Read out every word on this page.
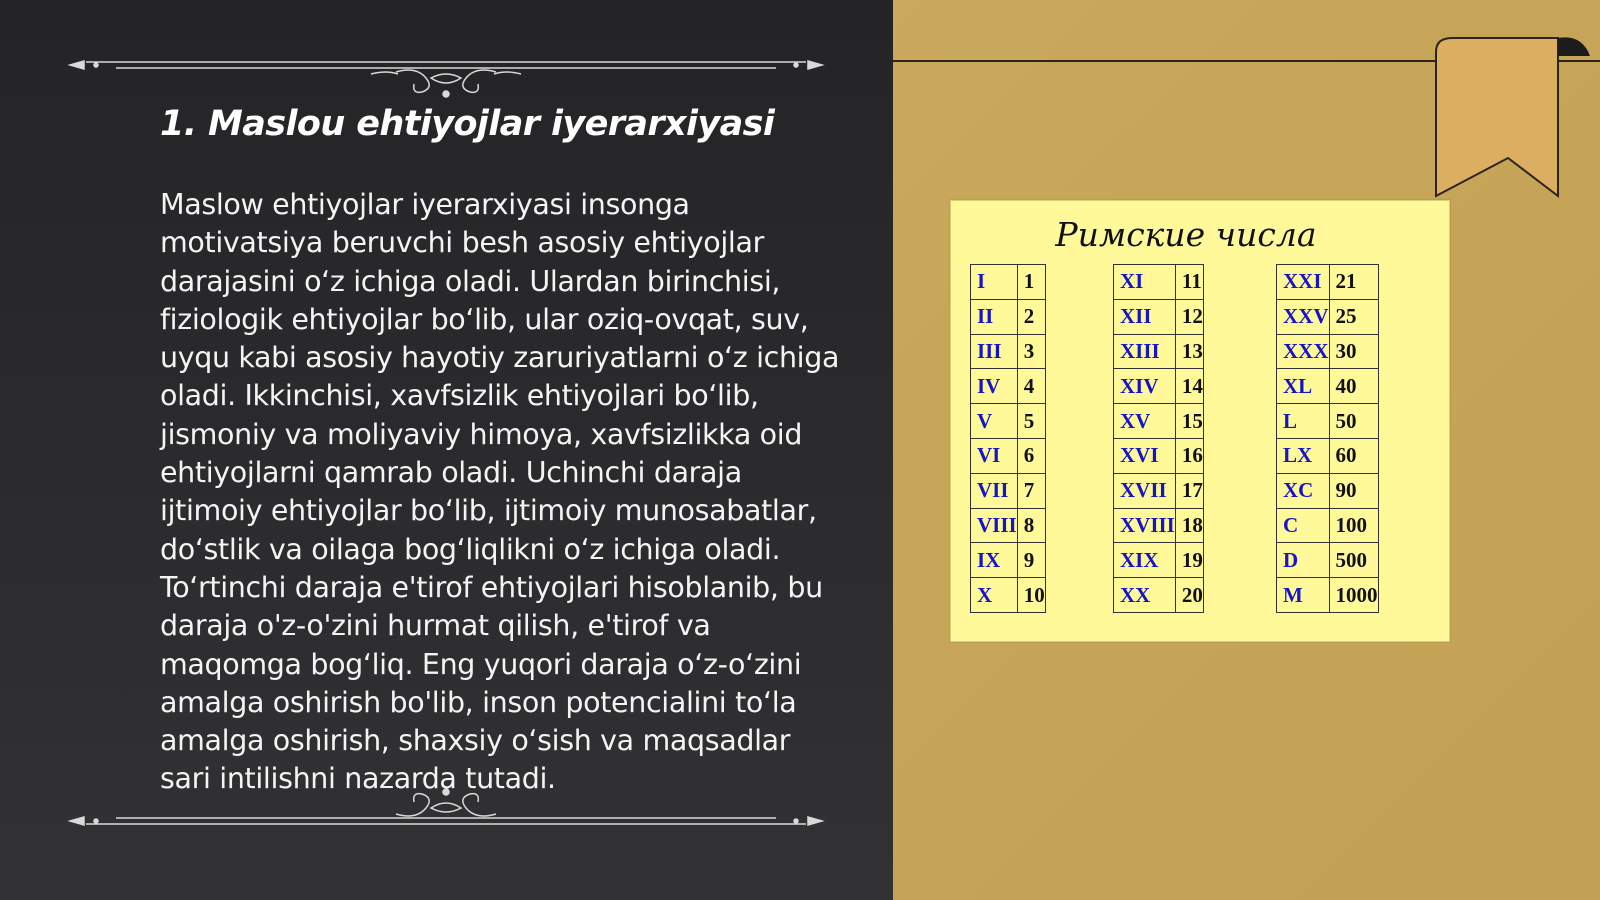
1. Maslou ehtiyojlar iyerarxiyasi
Maslow ehtiyojlar iyerarxiyasi insonga motivatsiya beruvchi besh asosiy ehtiyojlar darajasini oʻz ichiga oladi. Ulardan birinchisi, fiziologik ehtiyojlar boʻlib, ular oziq-ovqat, suv, uyqu kabi asosiy hayotiy zaruriyatlarni oʻz ichiga oladi. Ikkinchisi, xavfsizlik ehtiyojlari boʻlib, jismoniy va moliyaviy himoya, xavfsizlikka oid ehtiyojlarni qamrab oladi. Uchinchi daraja ijtimoiy ehtiyojlar boʻlib, ijtimoiy munosabatlar, doʻstlik va oilaga bogʻliqlikni oʻz ichiga oladi. Toʻrtinchi daraja e'tirof ehtiyojlari hisoblanib, bu daraja o'z-o'zini hurmat qilish, e'tirof va maqomga bogʻliq. Eng yuqori daraja oʻz-oʻzini amalga oshirish bo'lib, inson potencialini toʻla amalga oshirish, shaxsiy oʻsish va maqsadlar sari intilishni nazarda tutadi.
Римские числа
I	1
II	2
III	3
IV	4
V	5
VI	6
VII	7
VIII	8
IX	9
X	10
XI	11
XII	12
XIII	13
XIV	14
XV	15
XVI	16
XVII	17
XVIII	18
XIX	19
XX	20
XXI	21
XXV	25
XXX	30
XL	40
L	50
LX	60
XC	90
C	100
D	500
M	1000
